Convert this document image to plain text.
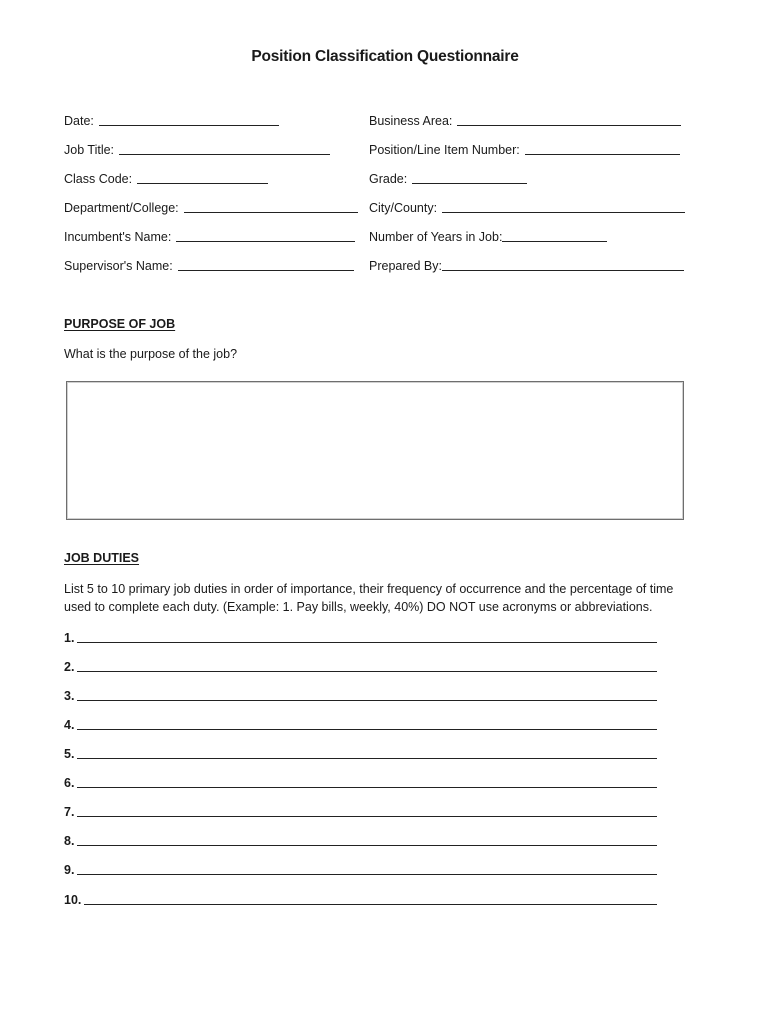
Position Classification Questionnaire
Date:
Job Title:
Class Code:
Department/College:
Incumbent's Name:
Supervisor's Name:
Business Area:
Position/Line Item Number:
Grade:
City/County:
Number of Years in Job:
Prepared By:
PURPOSE OF JOB
What is the purpose of the job?
JOB DUTIES
List 5 to 10 primary job duties in order of importance, their frequency of occurrence and the percentage of time
used to complete each duty. (Example: 1. Pay bills, weekly, 40%) DO NOT use acronyms or abbreviations.
1.
2.
3.
4.
5.
6.
7.
8.
9.
10.
